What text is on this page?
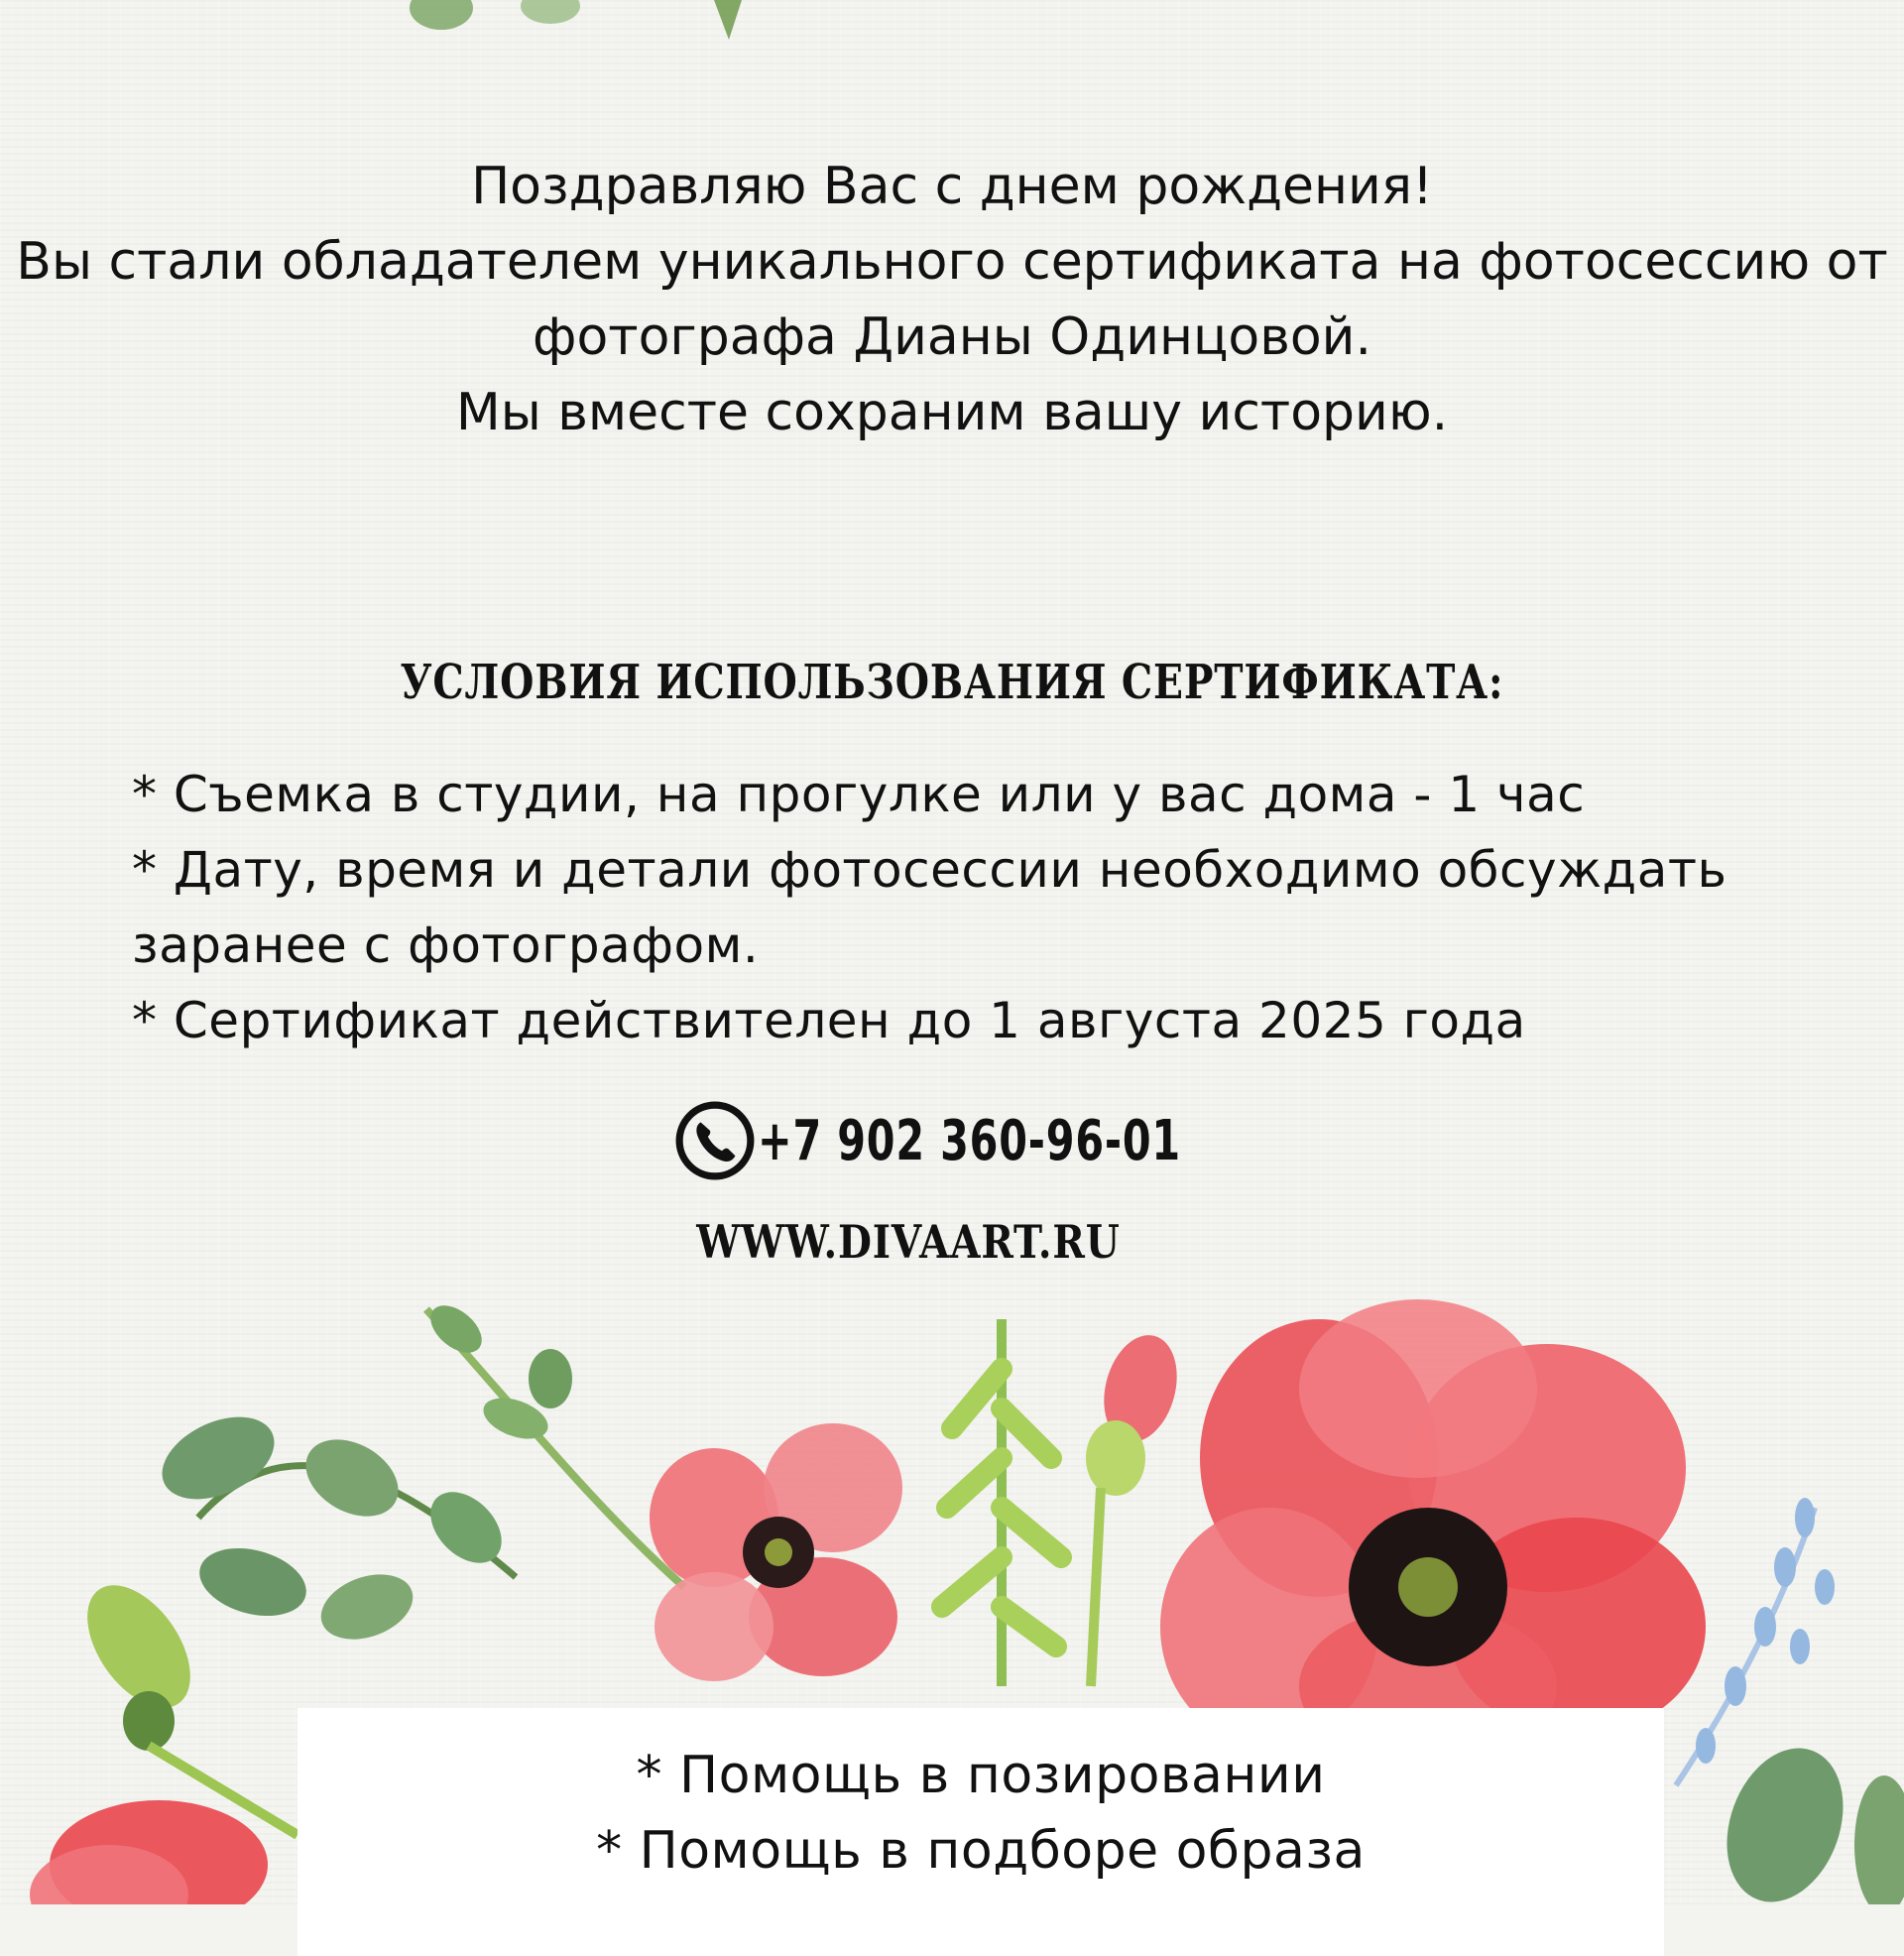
Поздравляю Вас с днем рождения!
Вы стали обладателем уникального сертификата на фотосессию от
фотографа Дианы Одинцовой.
Мы вместе сохраним вашу историю.
УСЛОВИЯ ИСПОЛЬЗОВАНИЯ СЕРТИФИКАТА:
* Съемка в студии, на прогулке или у вас дома - 1 час
* Дату, время и детали фотосессии необходимо обсуждать
заранее с фотографом.
* Сертификат действителен до 1 августа 2025 года
+7 902 360-96-01
WWW.DIVAART.RU
* Помощь в позировании
* Помощь в подборе образа
